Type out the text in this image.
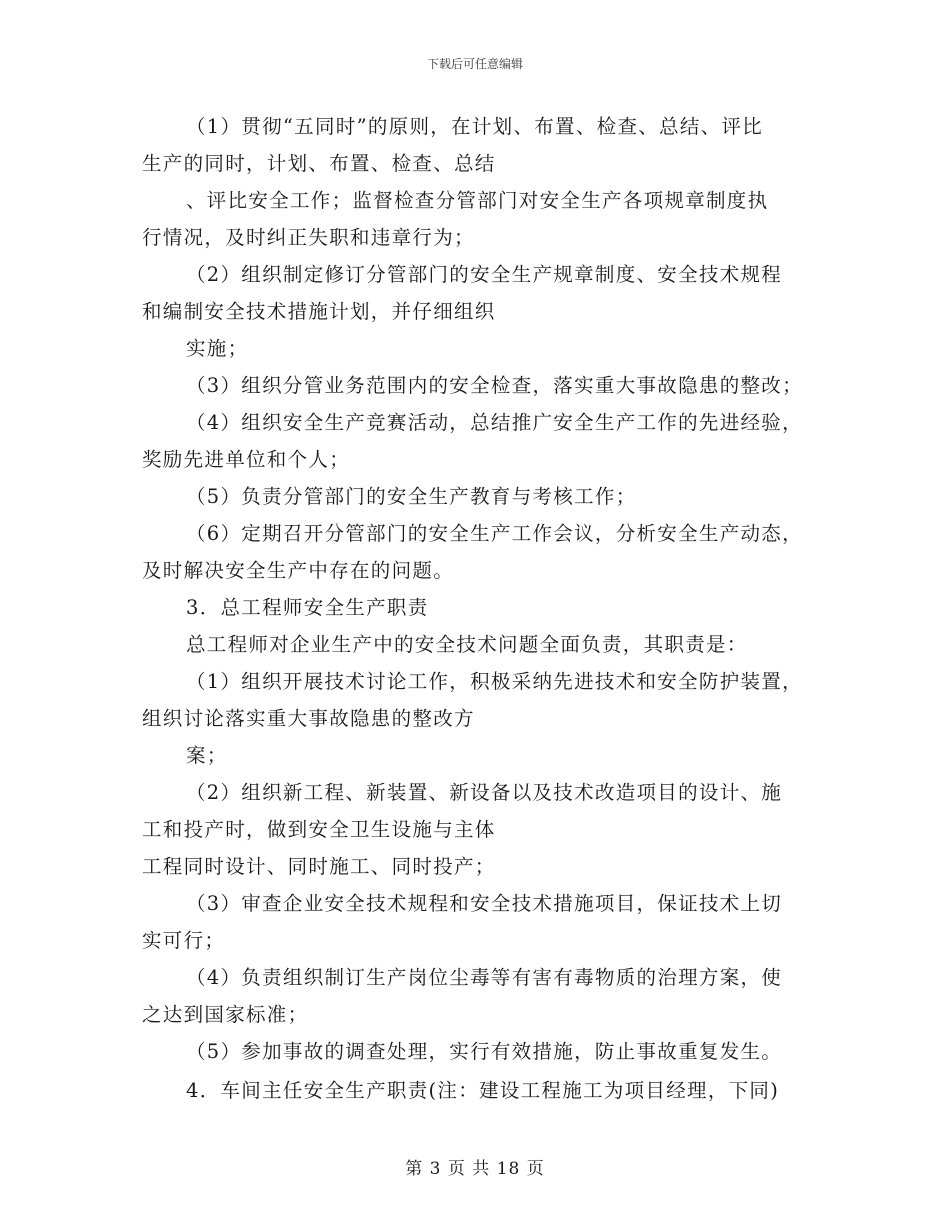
下载后可任意编辑
（1）贯彻“五同时”的原则，在计划、布置、检查、总结、评比
生产的同时，计划、布置、检查、总结
、评比安全工作；监督检查分管部门对安全生产各项规章制度执
行情况，及时纠正失职和违章行为；
（2）组织制定修订分管部门的安全生产规章制度、安全技术规程
和编制安全技术措施计划，并仔细组织
实施；
（3）组织分管业务范围内的安全检查，落实重大事故隐患的整改；
（4）组织安全生产竞赛活动，总结推广安全生产工作的先进经验，
奖励先进单位和个人；
（5）负责分管部门的安全生产教育与考核工作；
（6）定期召开分管部门的安全生产工作会议，分析安全生产动态，
及时解决安全生产中存在的问题。
3．总工程师安全生产职责
总工程师对企业生产中的安全技术问题全面负责，其职责是：
（1）组织开展技术讨论工作，积极采纳先进技术和安全防护装置，
组织讨论落实重大事故隐患的整改方
案；
（2）组织新工程、新装置、新设备以及技术改造项目的设计、施
工和投产时，做到安全卫生设施与主体
工程同时设计、同时施工、同时投产；
（3）审查企业安全技术规程和安全技术措施项目，保证技术上切
实可行；
（4）负责组织制订生产岗位尘毒等有害有毒物质的治理方案，使
之达到国家标准；
（5）参加事故的调查处理，实行有效措施，防止事故重复发生。
4．车间主任安全生产职责(注：建设工程施工为项目经理，下同)
第 3 页 共 18 页
